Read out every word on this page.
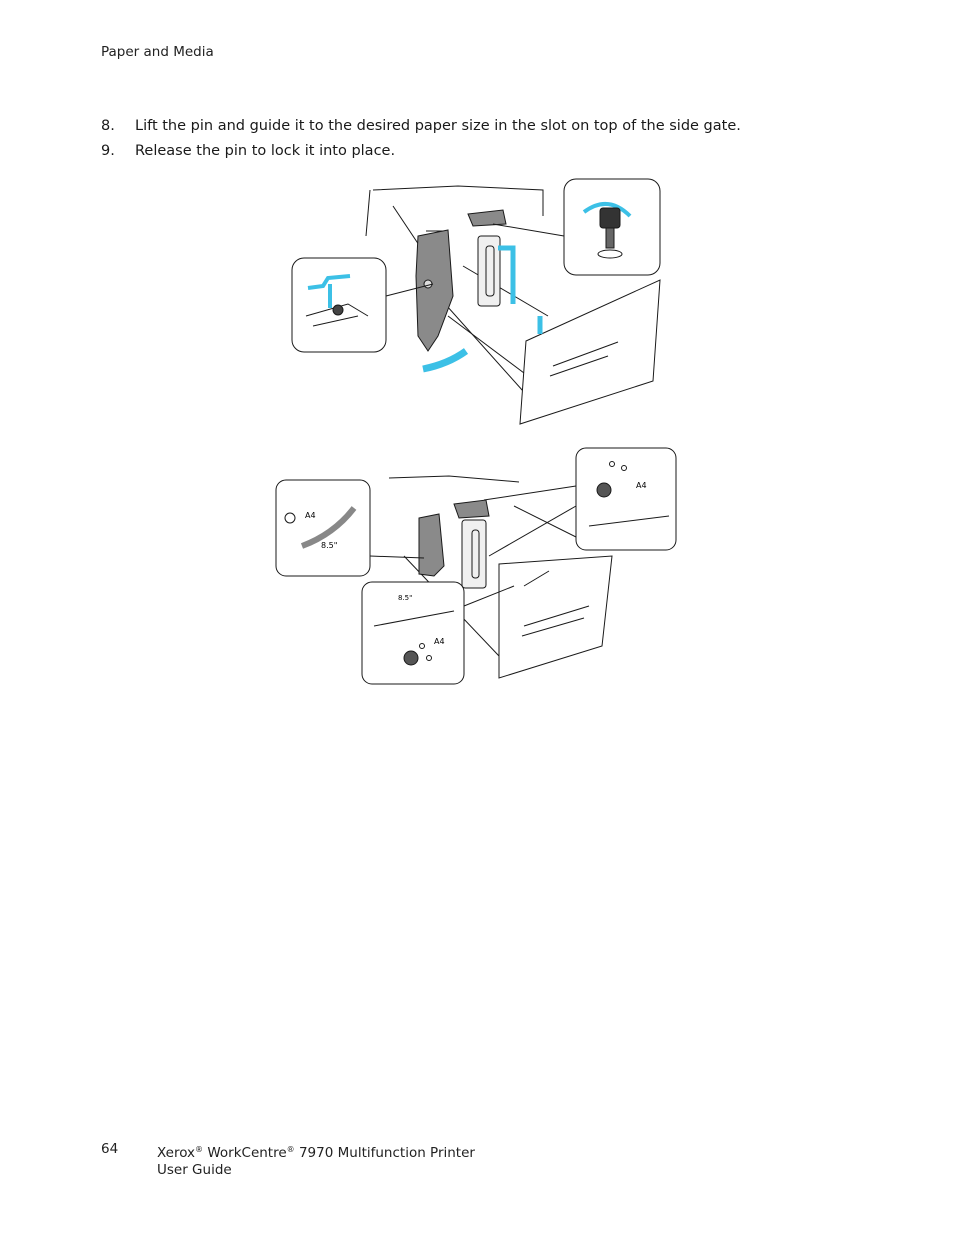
Paper and Media
8. Lift the pin and guide it to the desired paper size in the slot on top of the side gate.
9. Release the pin to lock it into place.
A4
8.5"
A4
A4
8.5"
64	Xerox® WorkCentre® 7970 Multifunction Printer
User Guide
